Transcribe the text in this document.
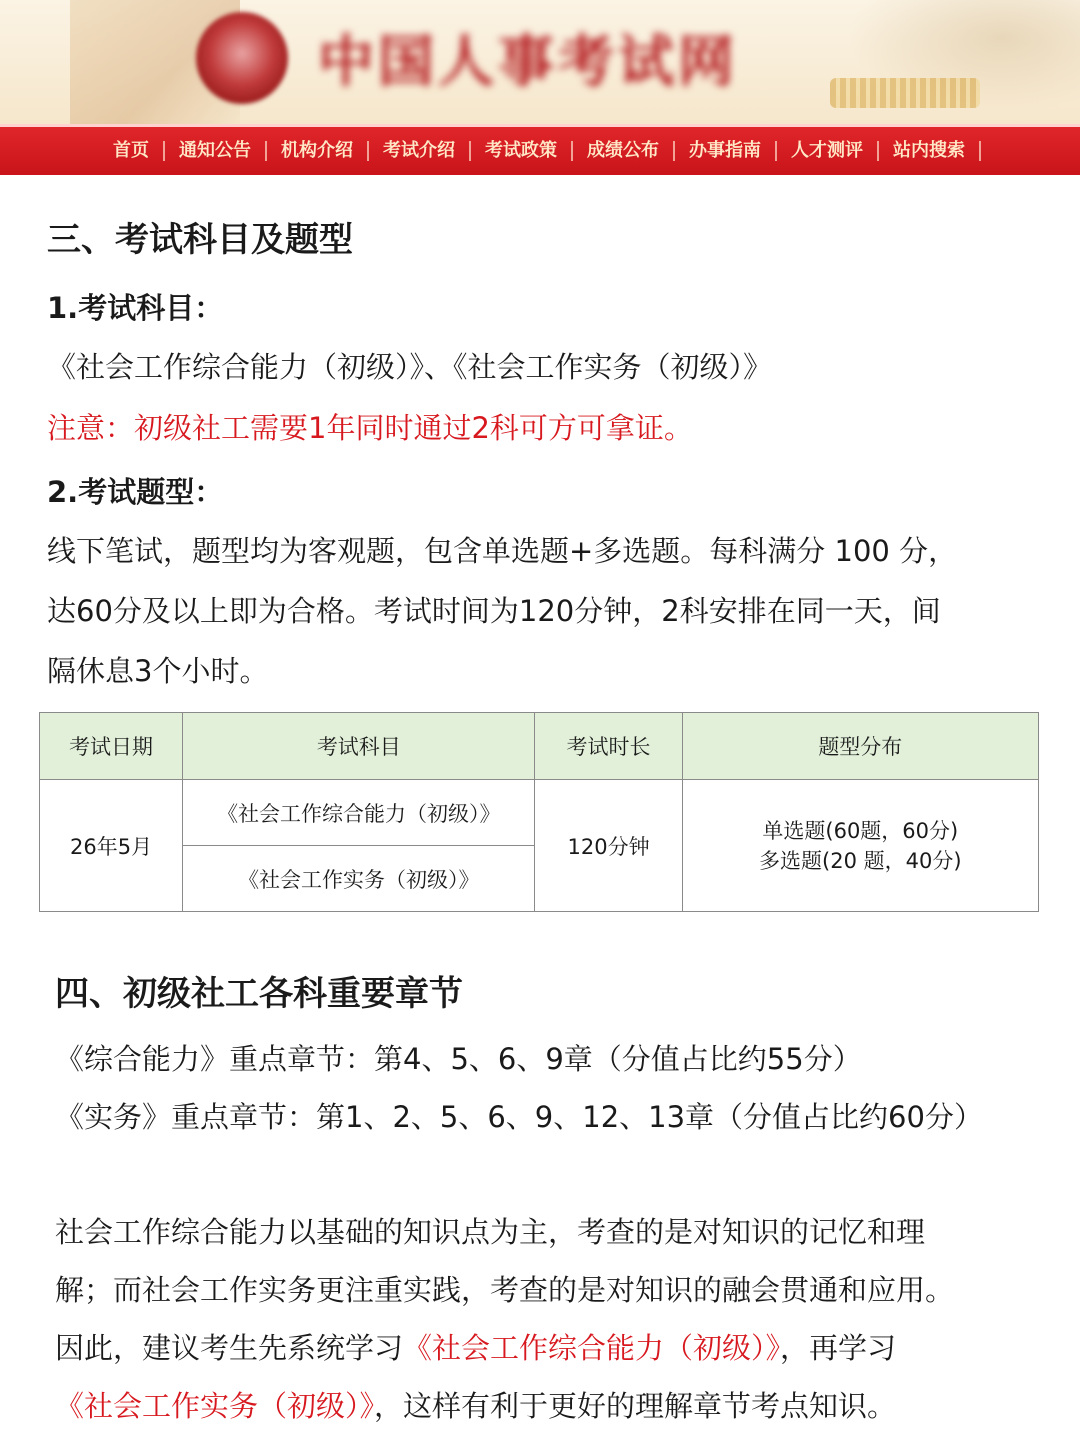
中国人事考试网
首页	通知公告	机构介绍	考试介绍	考试政策	成绩公布	办事指南	人才测评	站内搜索
三、考试科目及题型
1.考试科目：
《社会工作综合能力（初级）》、《社会工作实务（初级）》
注意：初级社工需要1年同时通过2科可方可拿证。
2.考试题型：
线下笔试，题型均为客观题，包含单选题+多选题。每科满分 100 分，
达60分及以上即为合格。考试时间为120分钟，2科安排在同一天，间
隔休息3个小时。
考试日期	考试科目	考试时长	题型分布
26年5月	《社会工作综合能力（初级）》	120分钟	单选题(60题，60分)
多选题(20 题，40分)

	《社会工作实务（初级）》		
四、初级社工各科重要章节
《综合能力》重点章节：第4、5、6、9章（分值占比约55分）
《实务》重点章节：第1、2、5、6、9、12、13章（分值占比约60分）
社会工作综合能力以基础的知识点为主，考查的是对知识的记忆和理
解；而社会工作实务更注重实践，考查的是对知识的融会贯通和应用。
因此，建议考生先系统学习《社会工作综合能力（初级）》，再学习
《社会工作实务（初级）》，这样有利于更好的理解章节考点知识。
